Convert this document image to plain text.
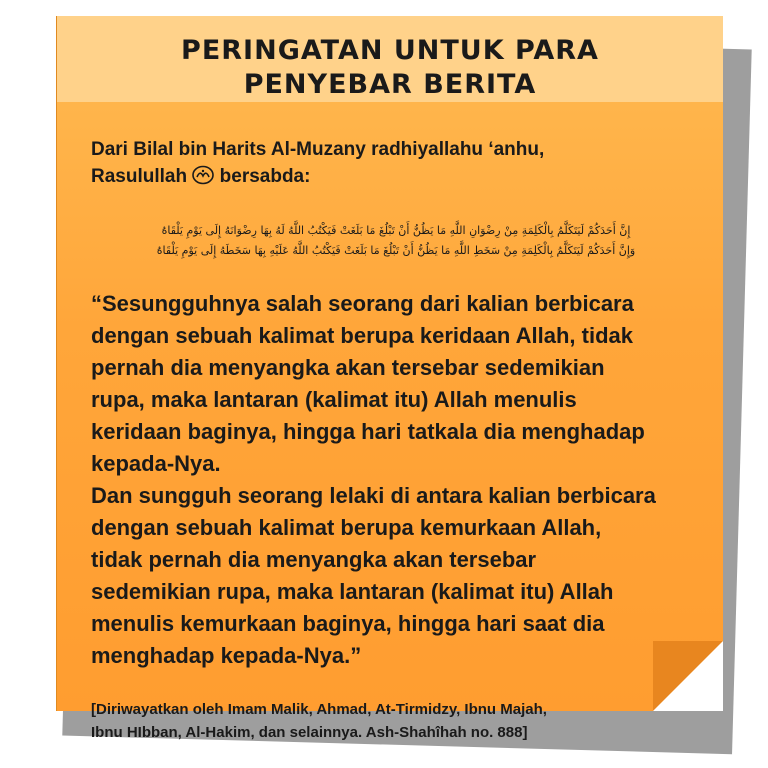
PERINGATAN UNTUK PARA
PENYEBAR BERITA
Dari Bilal bin Harits Al-Muzany radhiyallahu ‘anhu,
Rasulullah bersabda:
إِنَّ أَحَدَكُمْ لَيَتَكَلَّمُ بِالْكَلِمَةِ مِنْ رِضْوَانِ اللَّهِ مَا يَظُنُّ أَنْ تَبْلُغَ مَا بَلَغَتْ فَيَكْتُبُ اللَّهُ لَهُ بِهَا رِضْوَانَهُ إِلَى يَوْمِ يَلْقَاهُ
وَإِنَّ أَحَدَكُمْ لَيَتَكَلَّمُ بِالْكَلِمَةِ مِنْ سَخَطِ اللَّهِ مَا يَظُنُّ أَنْ تَبْلُغَ مَا بَلَغَتْ فَيَكْتُبُ اللَّهُ عَلَيْهِ بِهَا سَخَطَهُ إِلَى يَوْمِ يَلْقَاهُ
“Sesungguhnya salah seorang dari kalian berbicara
dengan sebuah kalimat berupa keridaan Allah, tidak
pernah dia menyangka akan tersebar sedemikian
rupa, maka lantaran (kalimat itu) Allah menulis
keridaan baginya, hingga hari tatkala dia menghadap
kepada-Nya.
Dan sungguh seorang lelaki di antara kalian berbicara
dengan sebuah kalimat berupa kemurkaan Allah,
tidak pernah dia menyangka akan tersebar
sedemikian rupa, maka lantaran (kalimat itu) Allah
menulis kemurkaan baginya, hingga hari saat dia
menghadap kepada-Nya.”
[Diriwayatkan oleh Imam Malik, Ahmad, At-Tirmidzy, Ibnu Majah,
Ibnu HIbban, Al-Hakim, dan selainnya. Ash-Shahîhah no. 888]
